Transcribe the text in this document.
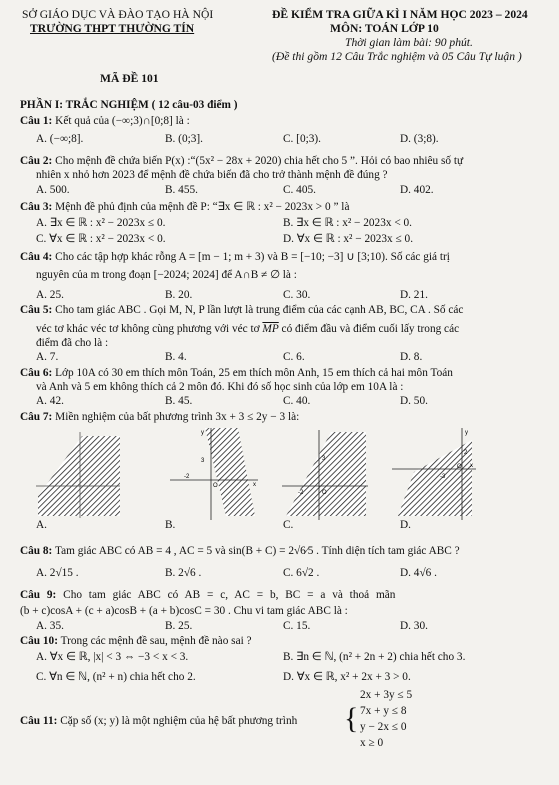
SỞ GIÁO DỤC VÀ ĐÀO TẠO HÀ NỘI
TRƯỜNG THPT THƯỜNG TÍN
MÃ ĐỀ 101
ĐỀ KIỂM TRA GIỮA KÌ I NĂM HỌC 2023 – 2024
MÔN: TOÁN LỚP 10
Thời gian làm bài: 90 phút.
(Đề thi gồm 12 Câu Trắc nghiệm và 05 Câu Tự luận )
PHẦN I: TRẮC NGHIỆM ( 12 câu-03 điểm )
Câu 1: Kết quả của (−∞;3)∩[0;8] là :
A. (−∞;8].	B. (0;3].	C. [0;3).	D. (3;8).
Câu 2: Cho mệnh đề chứa biến P(x) :“(5x² − 28x + 2020) chia hết cho 5 ”. Hỏi có bao nhiêu số tự
nhiên x nhỏ hơn 2023 để mệnh đề chứa biến đã cho trở thành mệnh đề đúng ?
A. 500.	B. 455.	C. 405.	D. 402.
Câu 3: Mệnh đề phủ định của mệnh đề P: “∃x ∈ ℝ : x² − 2023x > 0 ” là
A. ∃x ∈ ℝ : x² − 2023x ≤ 0.	B. ∃x ∈ ℝ : x² − 2023x < 0.
C. ∀x ∈ ℝ : x² − 2023x < 0.	D. ∀x ∈ ℝ : x² − 2023x ≤ 0.
Câu 4: Cho các tập hợp khác rỗng A = [m − 1; m + 3) và B = [−10; −3] ∪ [3;10). Số các giá trị
nguyên của m trong đoạn [−2024; 2024] để A∩B ≠ ∅ là :
A. 25.	B. 20.	C. 30.	D. 21.
Câu 5: Cho tam giác ABC . Gọi M, N, P lần lượt là trung điểm của các cạnh AB, BC, CA . Số các
véc tơ khác véc tơ không cùng phương với véc tơ $\overline{MP}$ có điểm đầu và điểm cuối lấy trong các
điểm đã cho là :
A. 7.	B. 4.	C. 6.	D. 8.
Câu 6: Lớp 10A có 30 em thích môn Toán, 25 em thích môn Anh, 15 em thích cả hai môn Toán
và Anh và 5 em không thích cả 2 môn đó. Khi đó số học sinh của lớp em 10A là :
A. 42.	B. 45.	C. 40.	D. 50.
Câu 7: Miền nghiệm của bất phương trình 3x + 3 ≤ 2y − 3 là:
y
3
-2
O	x
3
-2	O
y
O x
-3
2
A.	B.	C.	D.
Câu 8: Tam giác ABC có AB = 4 , AC = 5 và sin(B + C) = 2√6⁄5 . Tính diện tích tam giác ABC ?
A. 2√15 .	B. 2√6 .	C. 6√2 .	D. 4√6 .
Câu 9: Cho tam giác ABC có AB = c, AC = b, BC = a và thoả mãn
(b + c)cosA + (c + a)cosB + (a + b)cosC = 30 . Chu vi tam giác ABC là :
A. 35.	B. 25.	C. 15.	D. 30.
Câu 10: Trong các mệnh đề sau, mệnh đề nào sai ?
A. ∀x ∈ ℝ, |x| < 3 ⇔ −3 < x < 3.	B. ∃n ∈ ℕ, (n² + 2n + 2) chia hết cho 3.
C. ∀n ∈ ℕ, (n² + n) chia hết cho 2.	D. ∀x ∈ ℝ, x² + 2x + 3 > 0.
Câu 11: Cặp số (x; y) là một nghiệm của hệ bất phương trình	{
2x + 3y ≤ 5
7x + y ≤ 8
y − 2x ≤ 0
x ≥ 0
